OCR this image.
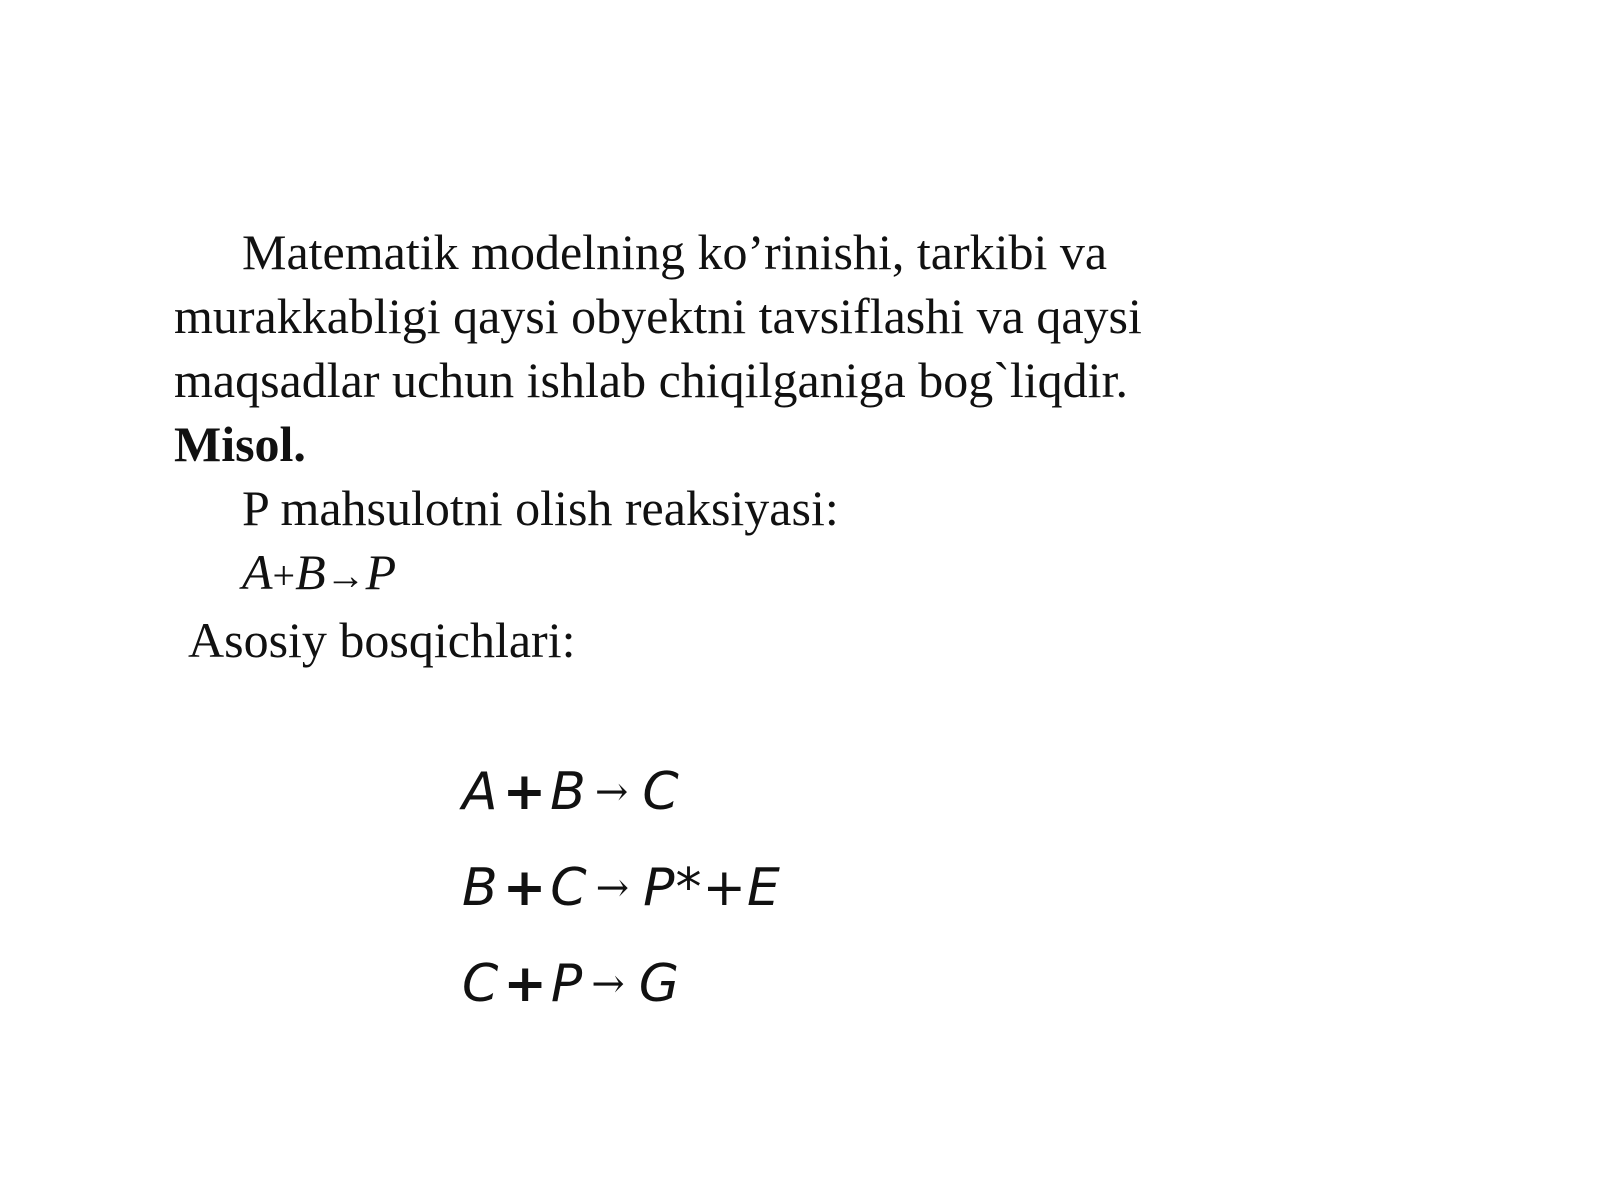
Matematik modelning ko’rinishi, tarkibi va
murakkabligi qaysi obyektni tavsiflashi va qaysi
maqsadlar uchun ishlab chiqilganiga bog`liqdir.
Misol.
P mahsulotni olish reaksiyasi:
A+B→P
Asosiy bosqichlari:
A+B → C
B+C → P*+E
C+P → G
